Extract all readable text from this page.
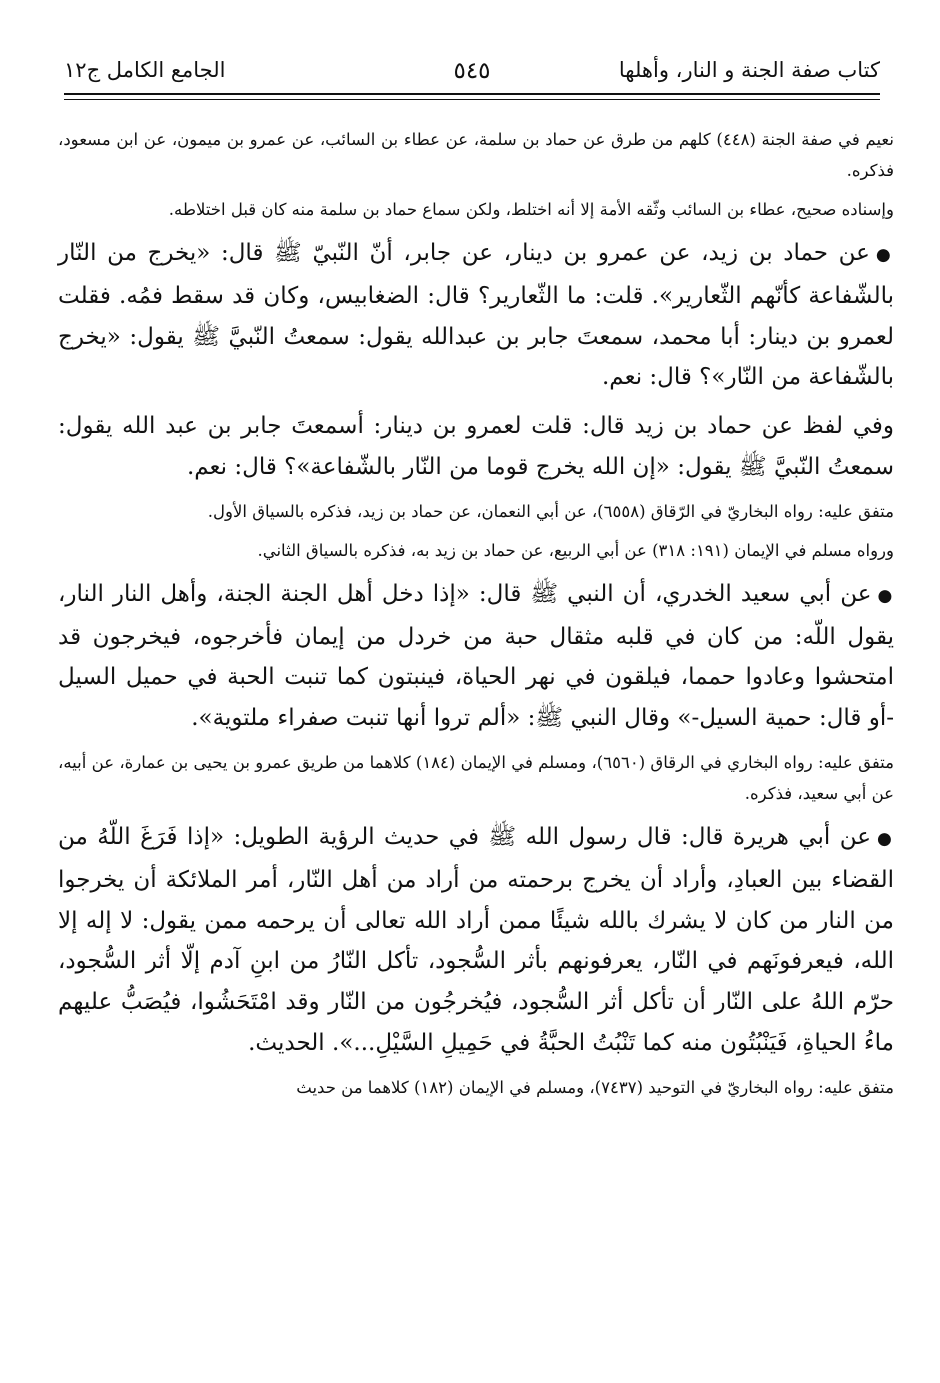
كتاب صفة الجنة و النار، وأهلها
٥٤٥
الجامع الكامل ج١٢

نعيم في صفة الجنة (٤٤٨) كلهم من طرق عن حماد بن سلمة، عن عطاء بن السائب، عن عمرو بن ميمون، عن ابن مسعود، فذكره.

وإسناده صحيح، عطاء بن السائب وثّقه الأمة إلا أنه اختلط، ولكن سماع حماد بن سلمة منه كان قبل اختلاطه.

●عن حماد بن زيد، عن عمرو بن دينار، عن جابر، أنّ النّبيّ ﷺ قال: «يخرج من النّار بالشّفاعة كأنّهم الثّعارير». قلت: ما الثّعارير؟ قال: الضغابيس، وكان قد سقط فمُه. فقلت لعمرو بن دينار: أبا محمد، سمعتَ جابر بن عبدالله يقول: سمعتُ النّبيَّ ﷺ يقول: «يخرج بالشّفاعة من النّار»؟ قال: نعم.

وفي لفظ عن حماد بن زيد قال: قلت لعمرو بن دينار: أسمعتَ جابر بن عبد الله يقول: سمعتُ النّبيَّ ﷺ يقول: «إن الله يخرج قوما من النّار بالشّفاعة»؟ قال: نعم.

متفق عليه: رواه البخاريّ في الرّقاق (٦٥٥٨)، عن أبي النعمان، عن حماد بن زيد، فذكره بالسياق الأول.

ورواه مسلم في الإيمان (١٩١: ٣١٨) عن أبي الربيع، عن حماد بن زيد به، فذكره بالسياق الثاني.

●عن أبي سعيد الخدري، أن النبي ﷺ قال: «إذا دخل أهل الجنة الجنة، وأهل النار النار، يقول اللّه: من كان في قلبه مثقال حبة من خردل من إيمان فأخرجوه، فيخرجون قد امتحشوا وعادوا حمما، فيلقون في نهر الحياة، فينبتون كما تنبت الحبة في حميل السيل -أو قال: حمية السيل-» وقال النبي ﷺ: «ألم تروا أنها تنبت صفراء ملتوية».

متفق عليه: رواه البخاري في الرقاق (٦٥٦٠)، ومسلم في الإيمان (١٨٤) كلاهما من طريق عمرو بن يحيى بن عمارة، عن أبيه، عن أبي سعيد، فذكره.

●عن أبي هريرة قال: قال رسول الله ﷺ في حديث الرؤية الطويل: «إذا فَرَغَ اللّهُ من القضاء بين العبادِ، وأراد أن يخرج برحمته من أراد من أهل النّار، أمر الملائكة أن يخرجوا من النار من كان لا يشرك بالله شيئًا ممن أراد الله تعالى أن يرحمه ممن يقول: لا إله إلا الله، فيعرفونَهم في النّار، يعرفونهم بأثر السُّجود، تأكل النّارُ من ابنِ آدم إلّا أثر السُّجود، حرّم اللهُ على النّار أن تأكل أثر السُّجود، فيُخرجُون من النّار وقد امْتَحَشُوا، فيُصَبُّ عليهم ماءُ الحياةِ، فَيَنْبُتُون منه كما تَنْبُتُ الحبَّةُ في حَمِيلِ السَّيْلِ...». الحديث.

متفق عليه: رواه البخاريّ في التوحيد (٧٤٣٧)، ومسلم في الإيمان (١٨٢) كلاهما من حديث
